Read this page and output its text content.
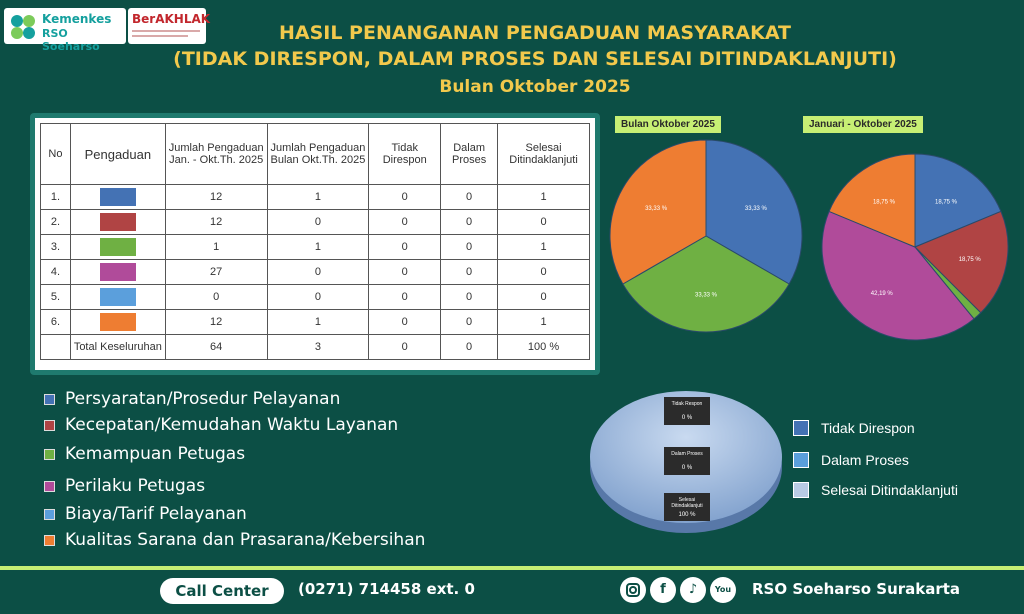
Kemenkes
RSO Soeharso
BerAKHLAK
HASIL PENANGANAN PENGADUAN MASYARAKAT
(TIDAK DIRESPON, DALAM PROSES DAN SELESAI DITINDAKLANJUTI)
Bulan Oktober 2025
No	Pengaduan	Jumlah Pengaduan Jan. - Okt.Th. 2025	Jumlah Pengaduan Bulan Okt.Th. 2025	Tidak Direspon	Dalam Proses	Selesai Ditindaklanjuti
1.		12	1	0	0	1
2.		12	0	0	0	0
3.		1	1	0	0	1
4.		27	0	0	0	0
5.		0	0	0	0	0
6.		12	1	0	0	1
	Total Keseluruhan	64	3	0	0	100 %
33,33 %
33,33 %
33,33 %
18,75 %
18,75 %
42,19 %
18,75 %
Bulan Oktober 2025	Januari - Oktober 2025
Tidak Respon
0 %
Dalam Proses
0 %
Selesai
Ditindaklanjuti
100 %
Persyaratan/Prosedur Pelayanan
Kecepatan/Kemudahan Waktu Layanan
Kemampuan Petugas
Perilaku Petugas
Biaya/Tarif Pelayanan
Kualitas Sarana dan Prasarana/Kebersihan
Tidak Direspon
Dalam Proses
Selesai Ditindaklanjuti
Call Center	(0271) 714458 ext. 0	f	♪	You	RSO Soeharso Surakarta
